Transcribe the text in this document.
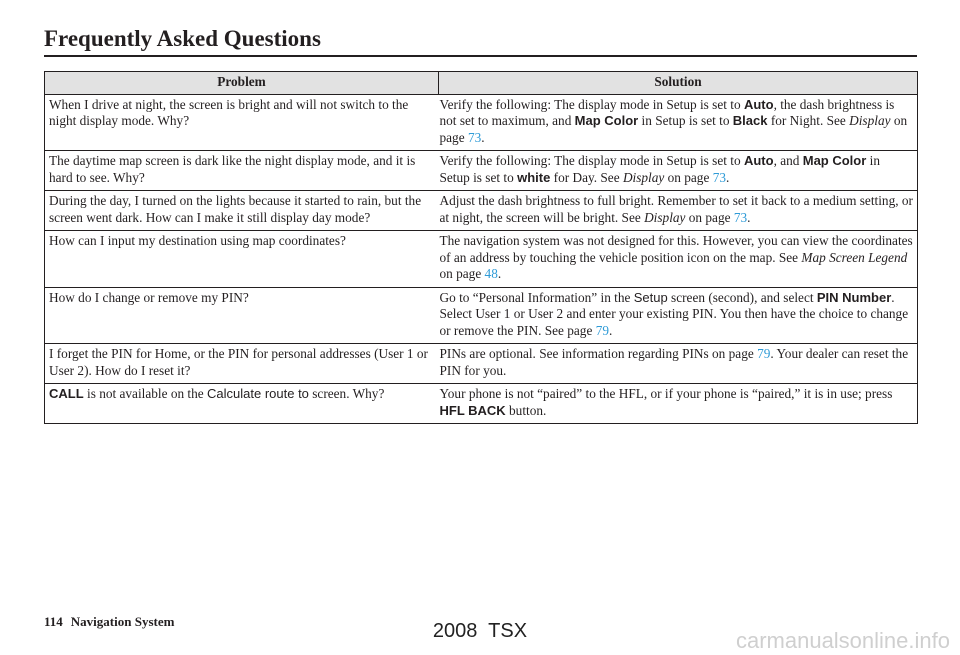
Frequently Asked Questions
Problem	Solution
When I drive at night, the screen is bright and will not switch to the night display mode. Why?	Verify the following: The display mode in Setup is set to Auto, the dash brightness is not set to maximum, and Map Color in Setup is set to Black for Night. See Display on page 73.
The daytime map screen is dark like the night display mode, and it is hard to see. Why?	Verify the following: The display mode in Setup is set to Auto, and Map Color in Setup is set to white for Day. See Display on page 73.
During the day, I turned on the lights because it started to rain, but the screen went dark. How can I make it still display day mode?	Adjust the dash brightness to full bright. Remember to set it back to a medium setting, or at night, the screen will be bright. See Display on page 73.
How can I input my destination using map coordinates?	The navigation system was not designed for this. However, you can view the coordinates of an address by touching the vehicle position icon on the map. See Map Screen Legend on page 48.
How do I change or remove my PIN?	Go to “Personal Information” in the Setup screen (second), and select PIN Number. Select User 1 or User 2 and enter your existing PIN. You then have the choice to change or remove the PIN. See page 79.
I forget the PIN for Home, or the PIN for personal addresses (User 1 or User 2). How do I reset it?	PINs are optional. See information regarding PINs on page 79. Your dealer can reset the PIN for you.
CALL is not available on the Calculate route to screen. Why?	Your phone is not “paired” to the HFL, or if your phone is “paired,” it is in use; press HFL BACK button.
114 Navigation System	2008  TSX	carmanualsonline.info
